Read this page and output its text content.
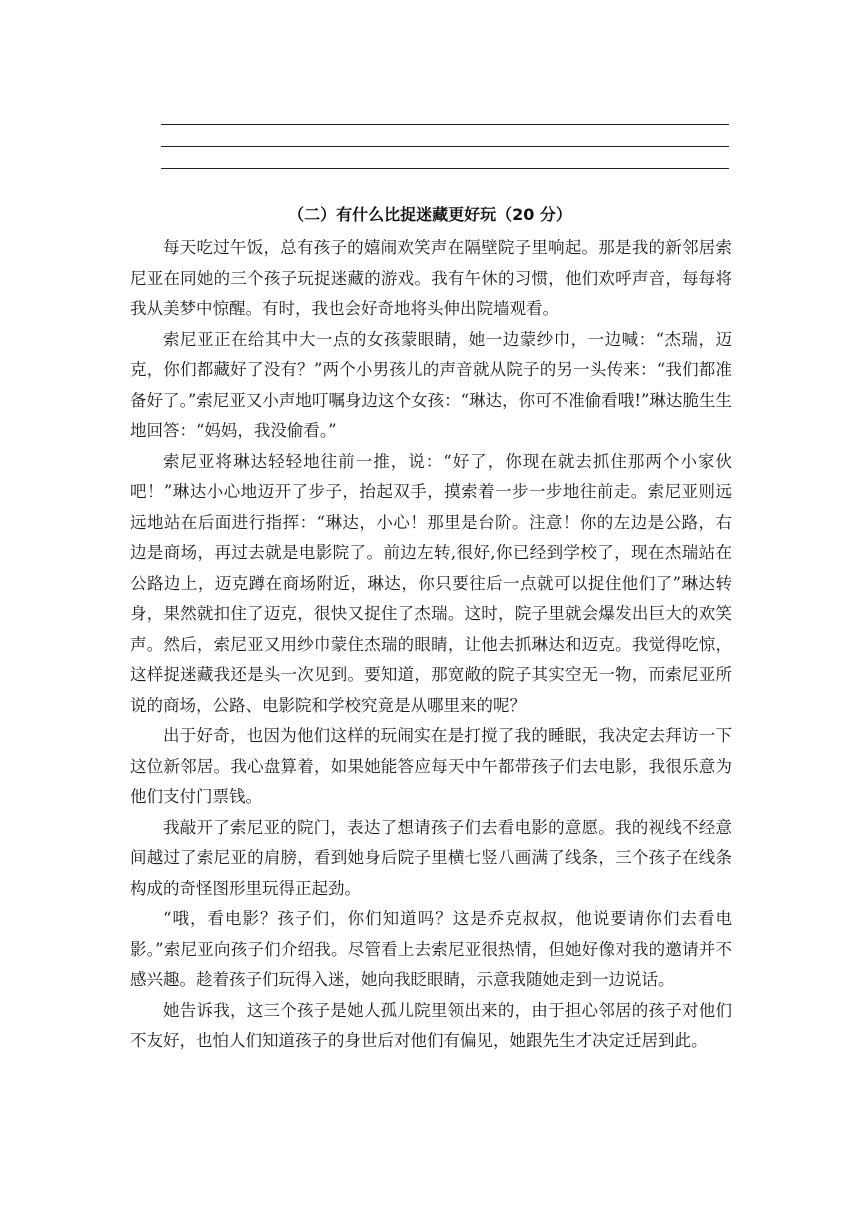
（二）有什么比捉迷藏更好玩（20 分）

每天吃过午饭，总有孩子的嬉闹欢笑声在隔壁院子里响起。那是我的新邻居索尼亚在同她的三个孩子玩捉迷藏的游戏。我有午休的习惯，他们欢呼声音，每每将我从美梦中惊醒。有时，我也会好奇地将头伸出院墙观看。

索尼亚正在给其中大一点的女孩蒙眼睛，她一边蒙纱巾，一边喊：“杰瑞，迈克，你们都藏好了没有？”两个小男孩儿的声音就从院子的另一头传来：“我们都准备好了。”索尼亚又小声地叮嘱身边这个女孩：“琳达，你可不准偷看哦!”琳达脆生生地回答：“妈妈，我没偷看。”

索尼亚将琳达轻轻地往前一推，说：“好了，你现在就去抓住那两个小家伙吧！”琳达小心地迈开了步子，抬起双手，摸索着一步一步地往前走。索尼亚则远远地站在后面进行指挥：“琳达，小心！那里是台阶。注意！你的左边是公路，右边是商场，再过去就是电影院了。前边左转,很好,你已经到学校了，现在杰瑞站在公路边上，迈克蹲在商场附近，琳达，你只要往后一点就可以捉住他们了”琳达转身，果然就扣住了迈克，很快又捉住了杰瑞。这时，院子里就会爆发出巨大的欢笑声。然后，索尼亚又用纱巾蒙住杰瑞的眼睛，让他去抓琳达和迈克。我觉得吃惊，这样捉迷藏我还是头一次见到。要知道，那宽敞的院子其实空无一物，而索尼亚所说的商场，公路、电影院和学校究竟是从哪里来的呢？

出于好奇，也因为他们这样的玩闹实在是打搅了我的睡眠，我决定去拜访一下这位新邻居。我心盘算着，如果她能答应每天中午都带孩子们去电影，我很乐意为他们支付门票钱。

我敲开了索尼亚的院门，表达了想请孩子们去看电影的意愿。我的视线不经意间越过了索尼亚的肩膀，看到她身后院子里横七竖八画满了线条，三个孩子在线条构成的奇怪图形里玩得正起劲。

“哦，看电影？孩子们，你们知道吗？这是乔克叔叔，他说要请你们去看电影。”索尼亚向孩子们介绍我。尽管看上去索尼亚很热情，但她好像对我的邀请并不感兴趣。趁着孩子们玩得入迷，她向我眨眼睛，示意我随她走到一边说话。

她告诉我，这三个孩子是她人孤儿院里领出来的，由于担心邻居的孩子对他们不友好，也怕人们知道孩子的身世后对他们有偏见，她跟先生才决定迁居到此。
